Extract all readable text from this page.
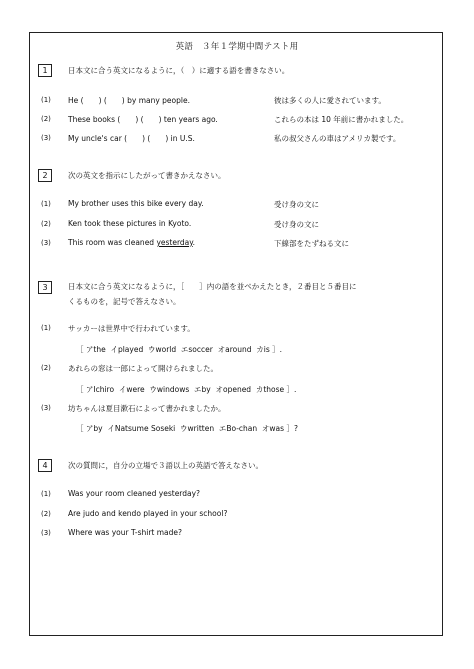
英語　３年１学期中間テスト用
1	日本文に合う英文になるように，（　）に適する語を書きなさい。
(1) He (　　) (　　) by many people.	彼は多くの人に愛されています。
(2) These books (　　) (　　) ten years ago.	これらの本は 10 年前に書かれました。
(3) My uncle's car (　　) (　　) in U.S.	私の叔父さんの車はアメリカ製です。
2	次の英文を指示にしたがって書きかえなさい。
(1) My brother uses this bike every day.	受け身の文に
(2) Ken took these pictures in Kyoto.	受け身の文に
(3) This room was cleaned yesterday.	下線部をたずねる文に
3	日本文に合う英文になるように，［　　］内の語を並べかえたとき，２番目と５番目に
くるものを，記号で答えなさい。
(1) サッカーは世界中で行われています。
［ アthe  イplayed  ウworld  エsoccer  オaround  カis ］.
(2) あれらの窓は一郎によって開けられました。
［ アIchiro  イwere  ウwindows  エby  オopened  カthose ］.
(3) 坊ちゃんは夏目漱石によって書かれましたか。
［ アby  イNatsume Soseki  ウwritten  エBo-chan  オwas ］?
4	次の質問に，自分の立場で３語以上の英語で答えなさい。
(1) Was your room cleaned yesterday?
(2) Are judo and kendo played in your school?
(3) Where was your T-shirt made?
